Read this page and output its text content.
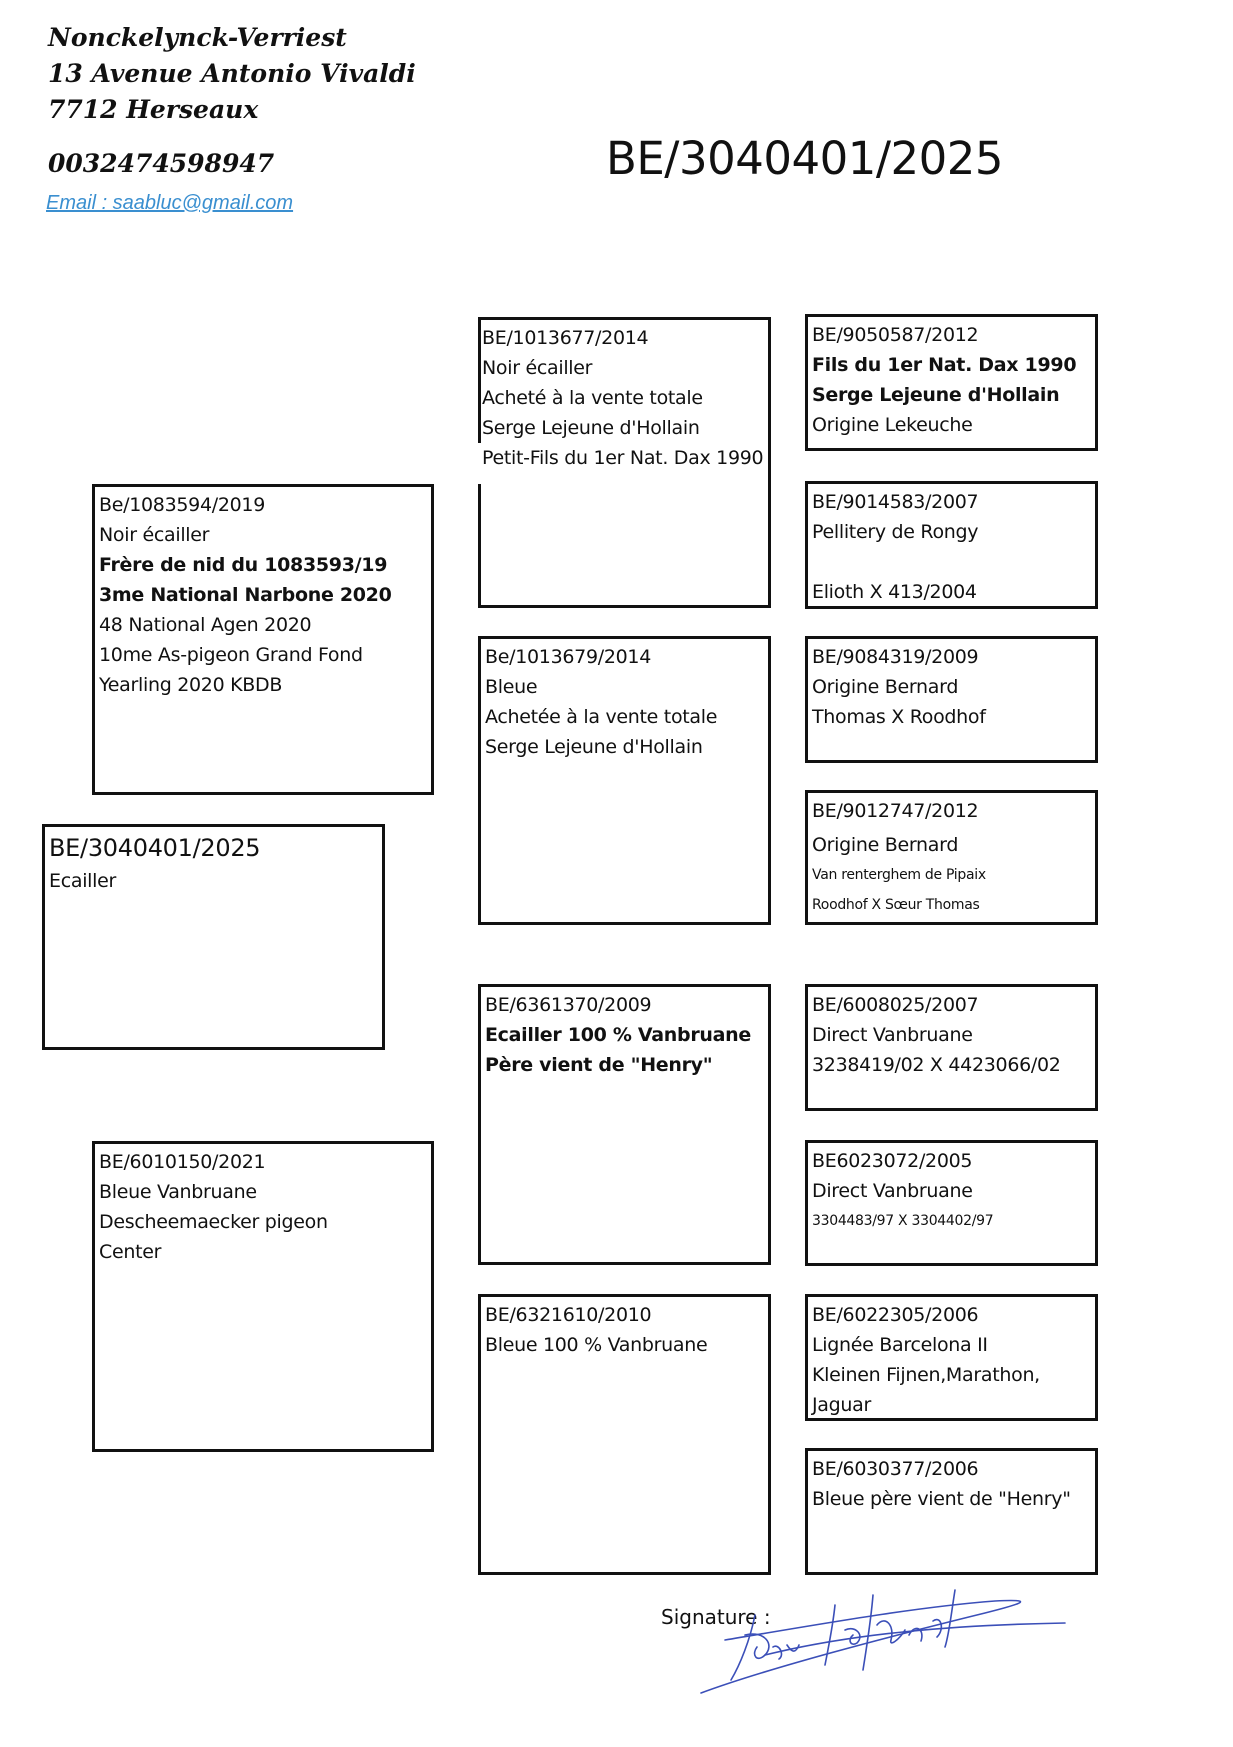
Nonckelynck-Verriest
13 Avenue Antonio Vivaldi
7712 Herseaux
0032474598947
Email : saabluc@gmail.com
BE/3040401/2025
BE/3040401/2025
Ecailler
Be/1083594/2019
Noir écailler
Frère de nid du 1083593/19
3me National Narbone 2020
48 National Agen 2020
10me As-pigeon Grand Fond
Yearling 2020 KBDB
BE/6010150/2021
Bleue Vanbruane
Descheemaecker pigeon
Center
BE/1013677/2014
Noir écailler
Acheté à la vente totale
Serge Lejeune d'Hollain
Petit-Fils du 1er Nat. Dax 1990
Be/1013679/2014
Bleue
Achetée à la vente totale
Serge Lejeune d'Hollain
BE/6361370/2009
Ecailler 100 % Vanbruane
Père vient de "Henry"
BE/6321610/2010
Bleue 100 % Vanbruane
BE/9050587/2012
Fils du 1er Nat. Dax 1990
Serge Lejeune d'Hollain
Origine Lekeuche
BE/9014583/2007
Pellitery de Rongy
Elioth X 413/2004
BE/9084319/2009
Origine Bernard
Thomas X Roodhof
BE/9012747/2012
Origine Bernard
Van renterghem de Pipaix
Roodhof X Sœur Thomas
BE/6008025/2007
Direct Vanbruane
3238419/02 X 4423066/02
BE6023072/2005
Direct Vanbruane
3304483/97 X 3304402/97
BE/6022305/2006
Lignée Barcelona II
Kleinen Fijnen,Marathon,
Jaguar
BE/6030377/2006
Bleue père vient de "Henry"
Signature :
